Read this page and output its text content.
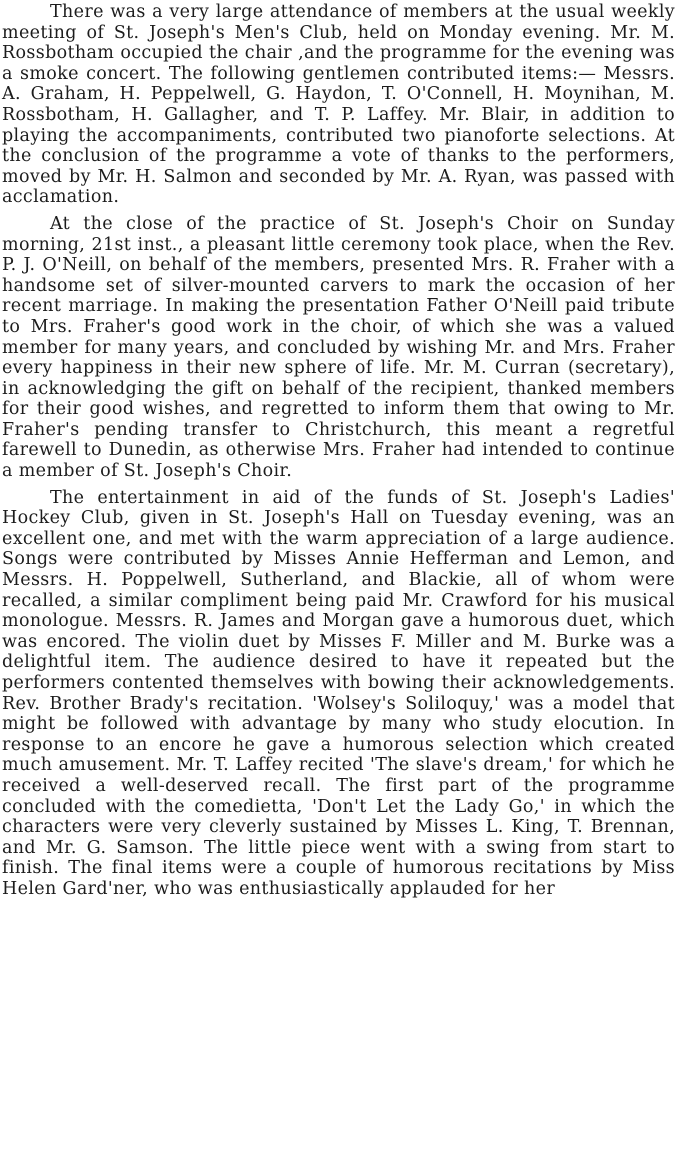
There was a very large attendance of members at the usual weekly meeting of St. Joseph's Men's Club, held on Monday evening. Mr. M. Rossbotham occupied the chair ,and the programme for the evening was a smoke concert. The following gentlemen contributed items:— Messrs. A. Graham, H. Peppelwell, G. Haydon, T. O'Connell, H. Moynihan, M. Rossbotham, H. Gallagher, and T. P. Laffey. Mr. Blair, in addition to playing the accompaniments, contributed two pianoforte selections. At the conclusion of the programme a vote of thanks to the performers, moved by Mr. H. Salmon and seconded by Mr. A. Ryan, was passed with acclamation.

At the close of the practice of St. Joseph's Choir on Sunday morning, 21st inst., a pleasant little ceremony took place, when the Rev. P. J. O'Neill, on behalf of the members, presented Mrs. R. Fraher with a handsome set of silver-mounted carvers to mark the occasion of her recent marriage. In making the presentation Father O'Neill paid tribute to Mrs. Fraher's good work in the choir, of which she was a valued member for many years, and concluded by wishing Mr. and Mrs. Fraher every happiness in their new sphere of life. Mr. M. Curran (secretary), in acknowledging the gift on behalf of the recipient, thanked members for their good wishes, and regretted to inform them that owing to Mr. Fraher's pending transfer to Christchurch, this meant a regretful farewell to Dunedin, as otherwise Mrs. Fraher had intended to continue a member of St. Joseph's Choir.

The entertainment in aid of the funds of St. Joseph's Ladies' Hockey Club, given in St. Joseph's Hall on Tuesday evening, was an excellent one, and met with the warm appreciation of a large audience. Songs were contributed by Misses Annie Hefferman and Lemon, and Messrs. H. Poppelwell, Sutherland, and Blackie, all of whom were recalled, a similar compliment being paid Mr. Crawford for his musical monologue. Messrs. R. James and Morgan gave a humorous duet, which was encored. The violin duet by Misses F. Miller and M. Burke was a delightful item. The audience desired to have it repeated but the performers contented themselves with bowing their acknowledgements. Rev. Brother Brady's recitation. 'Wolsey's Soliloquy,' was a model that might be followed with advantage by many who study elocution. In response to an encore he gave a humorous selection which created much amusement. Mr. T. Laffey recited 'The slave's dream,' for which he received a well-deserved recall. The first part of the programme concluded with the comedietta, 'Don't Let the Lady Go,' in which the characters were very cleverly sustained by Misses L. King, T. Brennan, and Mr. G. Samson. The little piece went with a swing from start to finish. The final items were a couple of humorous recitations by Miss Helen Gard'ner, who was enthusiastically applauded for her
